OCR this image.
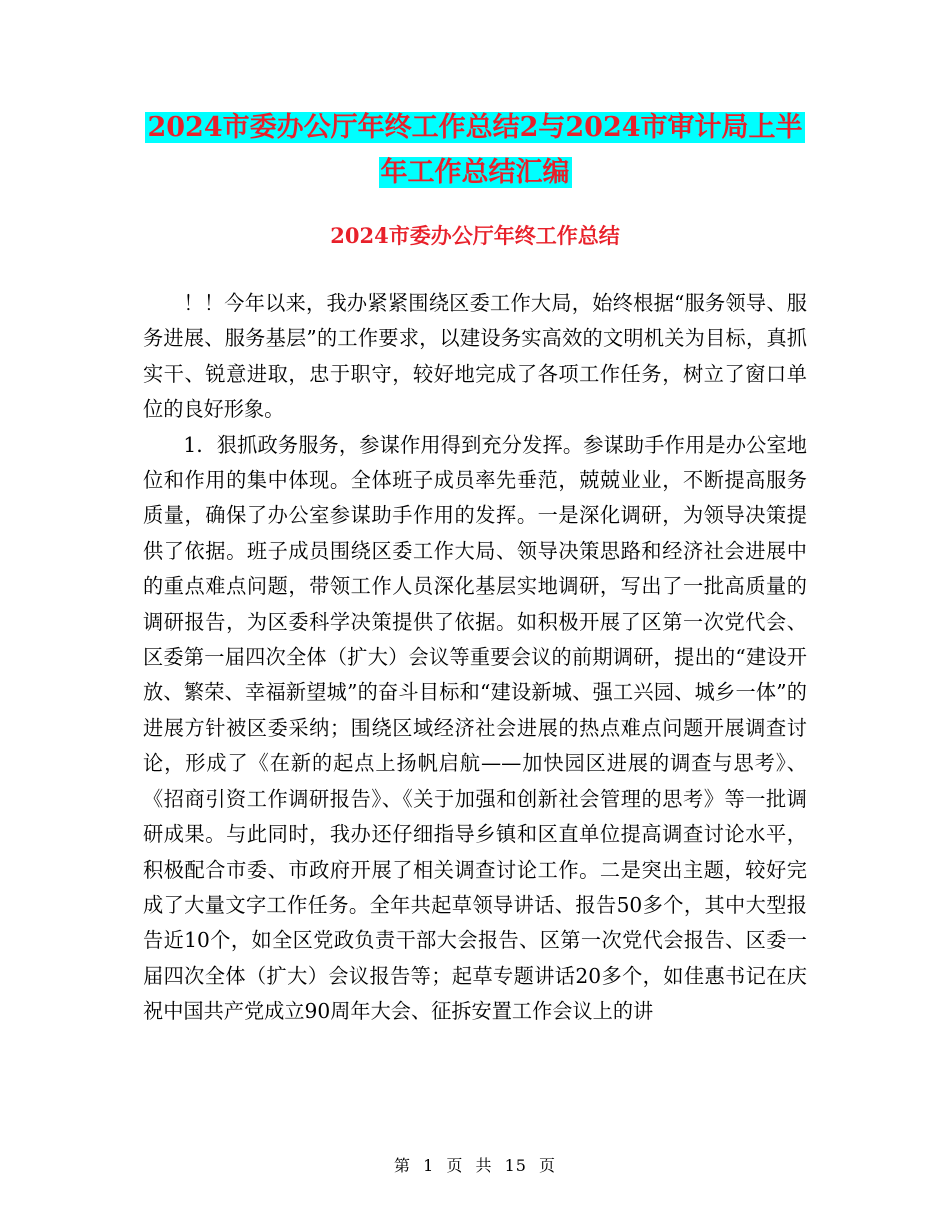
2024市委办公厅年终工作总结2与2024市审计局上半
年工作总结汇编
2024市委办公厅年终工作总结

！！今年以来，我办紧紧围绕区委工作大局，始终根据“服务领导、服务进展、服务基层”的工作要求，以建设务实高效的文明机关为目标，真抓实干、锐意进取，忠于职守，较好地完成了各项工作任务，树立了窗口单位的良好形象。

1．狠抓政务服务，参谋作用得到充分发挥。参谋助手作用是办公室地位和作用的集中体现。全体班子成员率先垂范，兢兢业业，不断提高服务质量，确保了办公室参谋助手作用的发挥。一是深化调研，为领导决策提供了依据。班子成员围绕区委工作大局、领导决策思路和经济社会进展中的重点难点问题，带领工作人员深化基层实地调研，写出了一批高质量的调研报告，为区委科学决策提供了依据。如积极开展了区第一次党代会、区委第一届四次全体（扩大）会议等重要会议的前期调研，提出的“建设开放、繁荣、幸福新望城”的奋斗目标和“建设新城、强工兴园、城乡一体”的进展方针被区委采纳；围绕区域经济社会进展的热点难点问题开展调查讨论，形成了《在新的起点上扬帆启航——加快园区进展的调查与思考》、《招商引资工作调研报告》、《关于加强和创新社会管理的思考》等一批调研成果。与此同时，我办还仔细指导乡镇和区直单位提高调查讨论水平，积极配合市委、市政府开展了相关调查讨论工作。二是突出主题，较好完成了大量文字工作任务。全年共起草领导讲话、报告50多个，其中大型报告近10个，如全区党政负责干部大会报告、区第一次党代会报告、区委一届四次全体（扩大）会议报告等；起草专题讲话20多个，如佳惠书记在庆祝中国共产党成立90周年大会、征拆安置工作会议上的讲

第 1 页 共 15 页
